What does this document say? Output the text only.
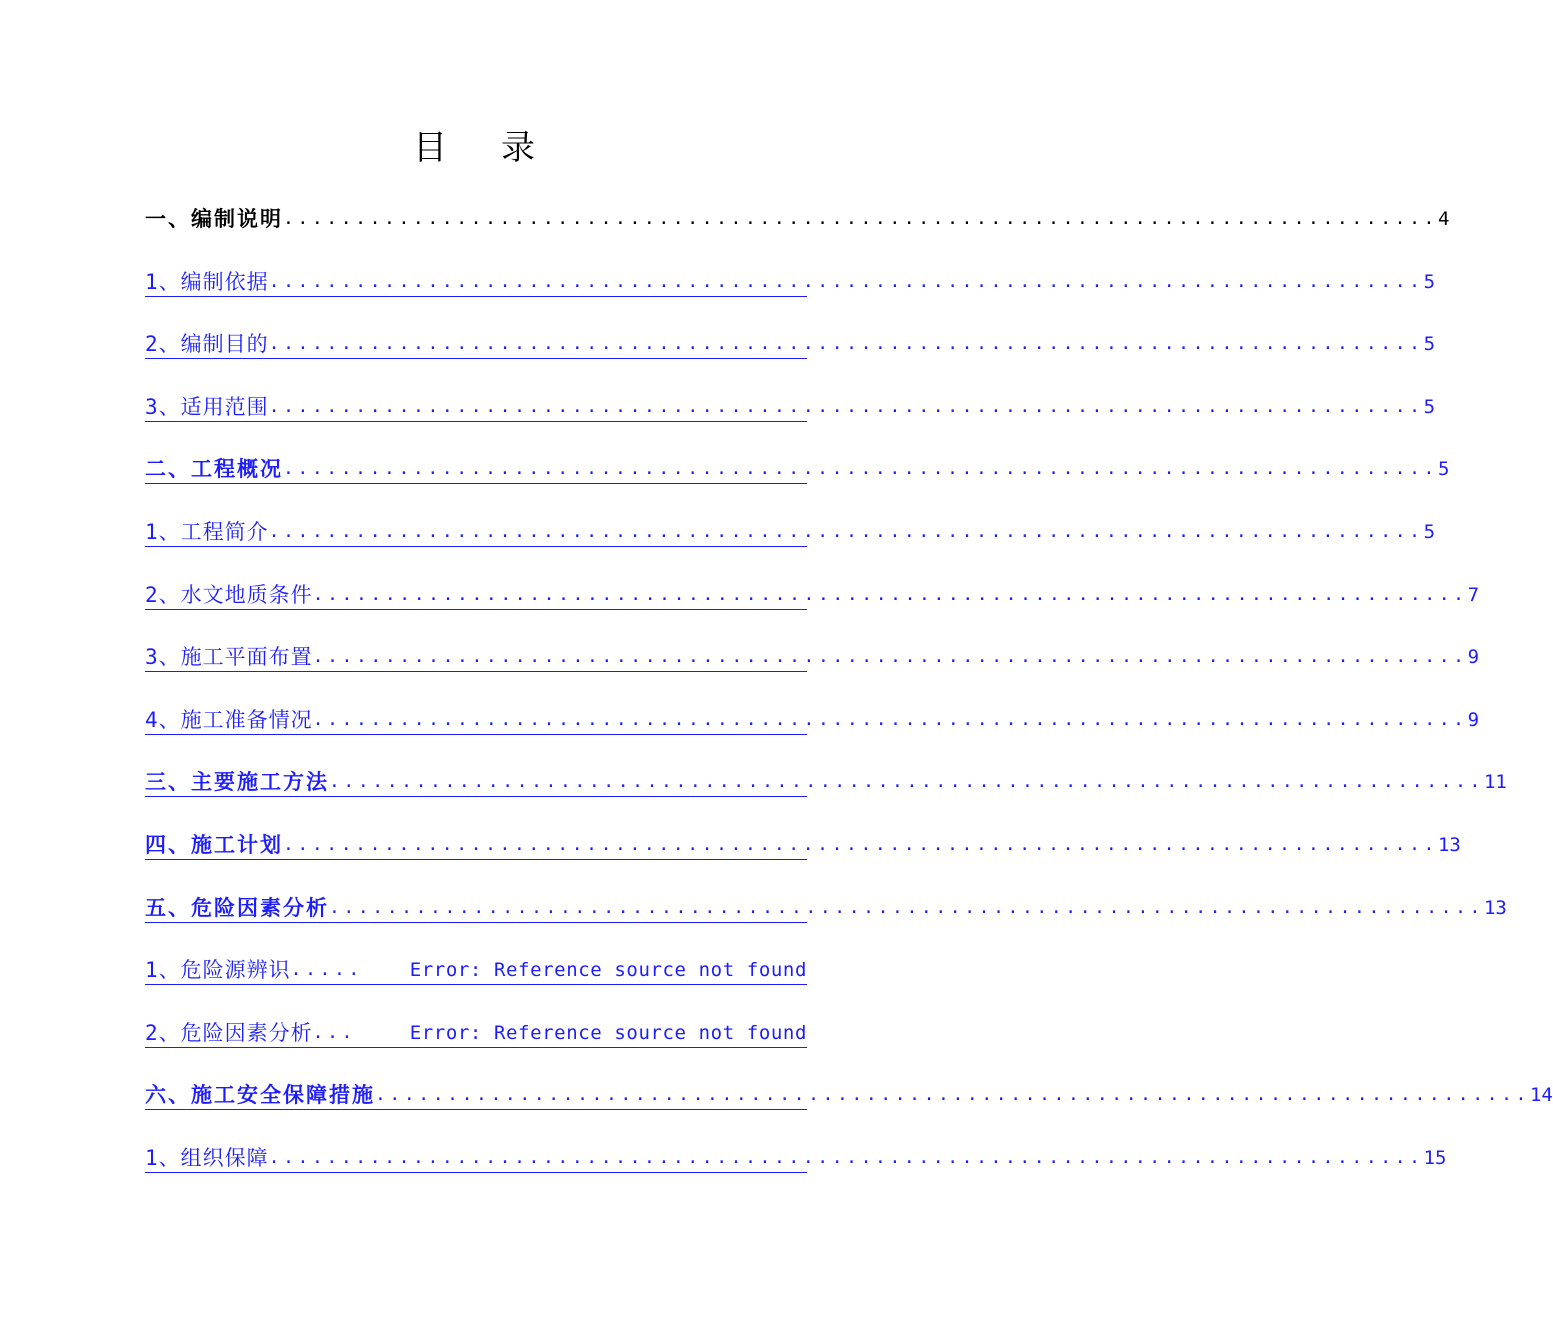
目 录
一、编制说明 ................................................................................ 4
1、编制依据 ................................................................................ 5
2、编制目的 ................................................................................ 5
3、适用范围 ................................................................................ 5
二、工程概况 ................................................................................ 5
1、工程简介 ................................................................................ 5
2、水文地质条件 ................................................................................ 7
3、施工平面布置 ................................................................................ 9
4、施工准备情况 ................................................................................ 9
三、主要施工方法 ................................................................................ 11
四、施工计划 ................................................................................ 13
五、危险因素分析 ................................................................................ 13
1、危险源辨识 .....	Error: Reference source not found
2、危险因素分析 ...	Error: Reference source not found
六、施工安全保障措施 ................................................................................ 14
1、组织保障 ................................................................................ 15
